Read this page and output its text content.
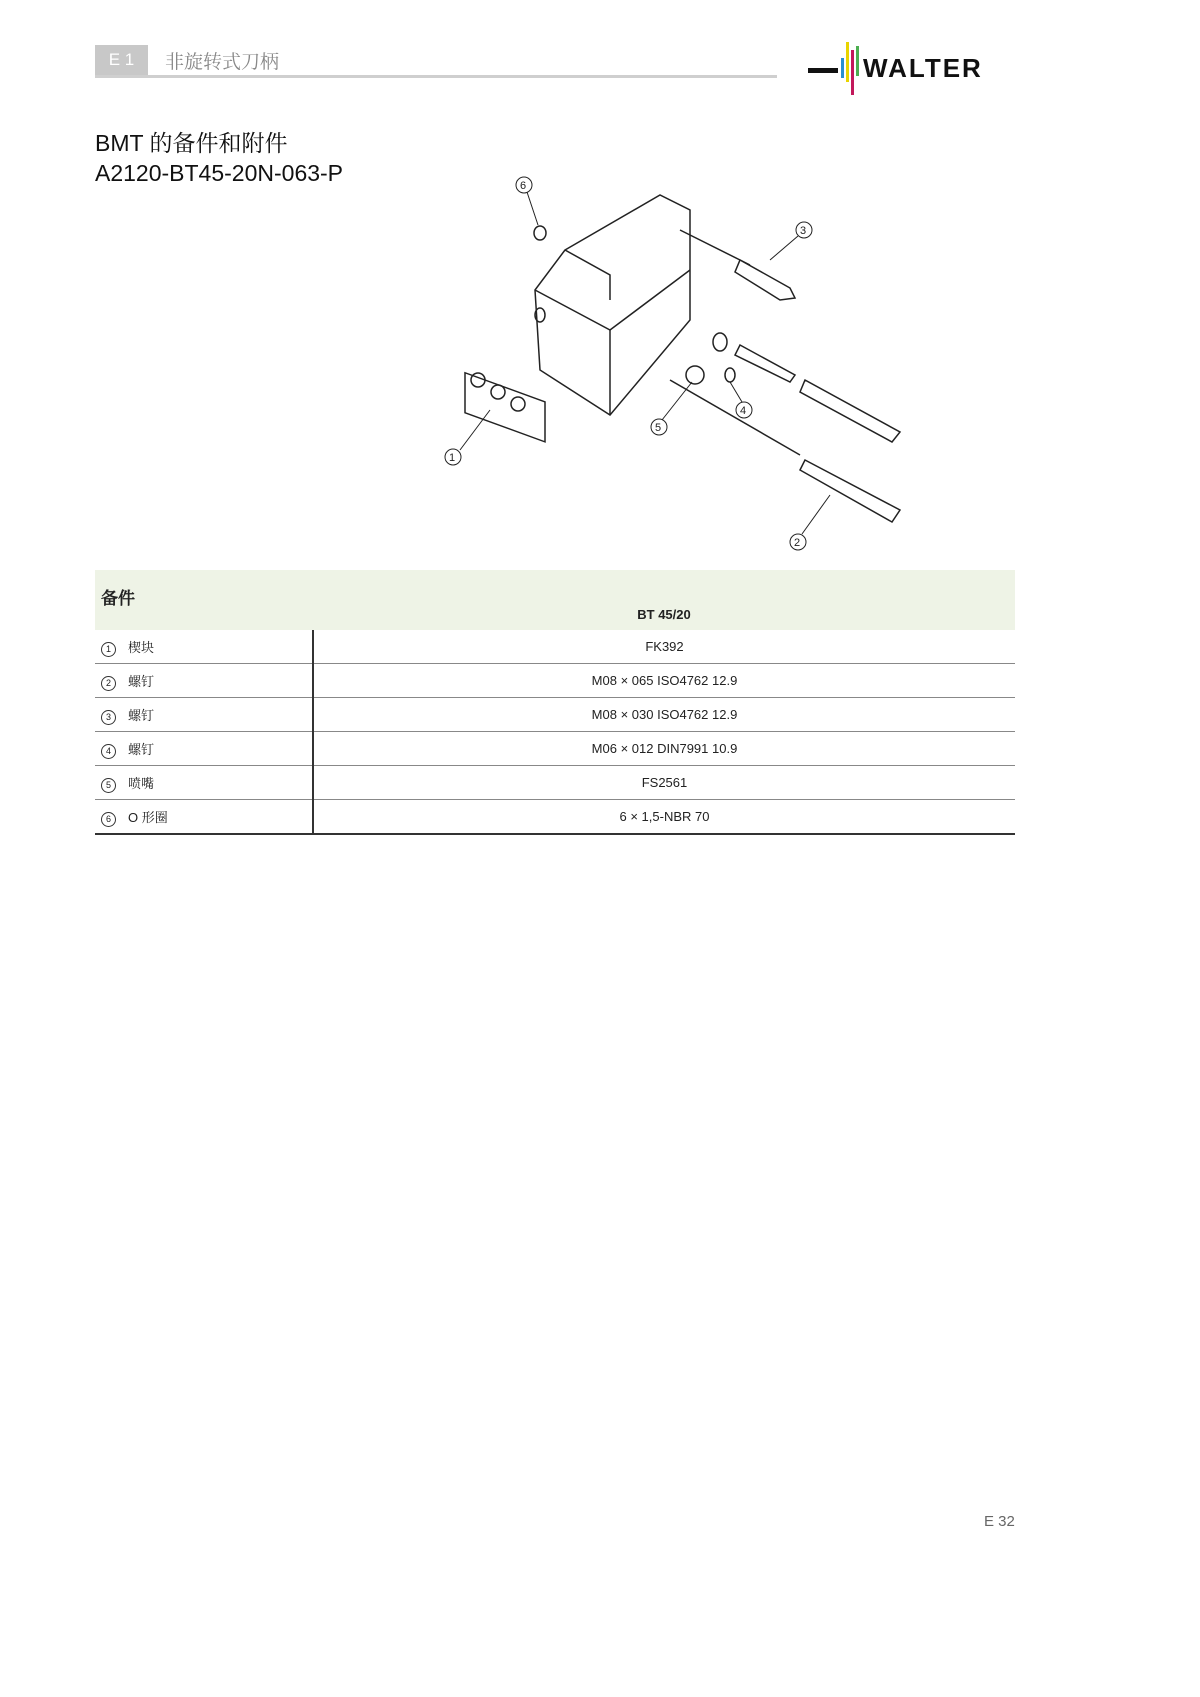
E 1	非旋转式刀柄	WALTER
BMT 的备件和附件
A2120-BT45-20N-063-P
1
2
3
4
5
6
备件	BT 45/20
1 楔块	FK392
2 螺钉	M08 × 065 ISO4762 12.9
3 螺钉	M08 × 030 ISO4762 12.9
4 螺钉	M06 × 012 DIN7991 10.9
5 喷嘴	FS2561
6 O 形圈	6 × 1,5-NBR 70
E 32
